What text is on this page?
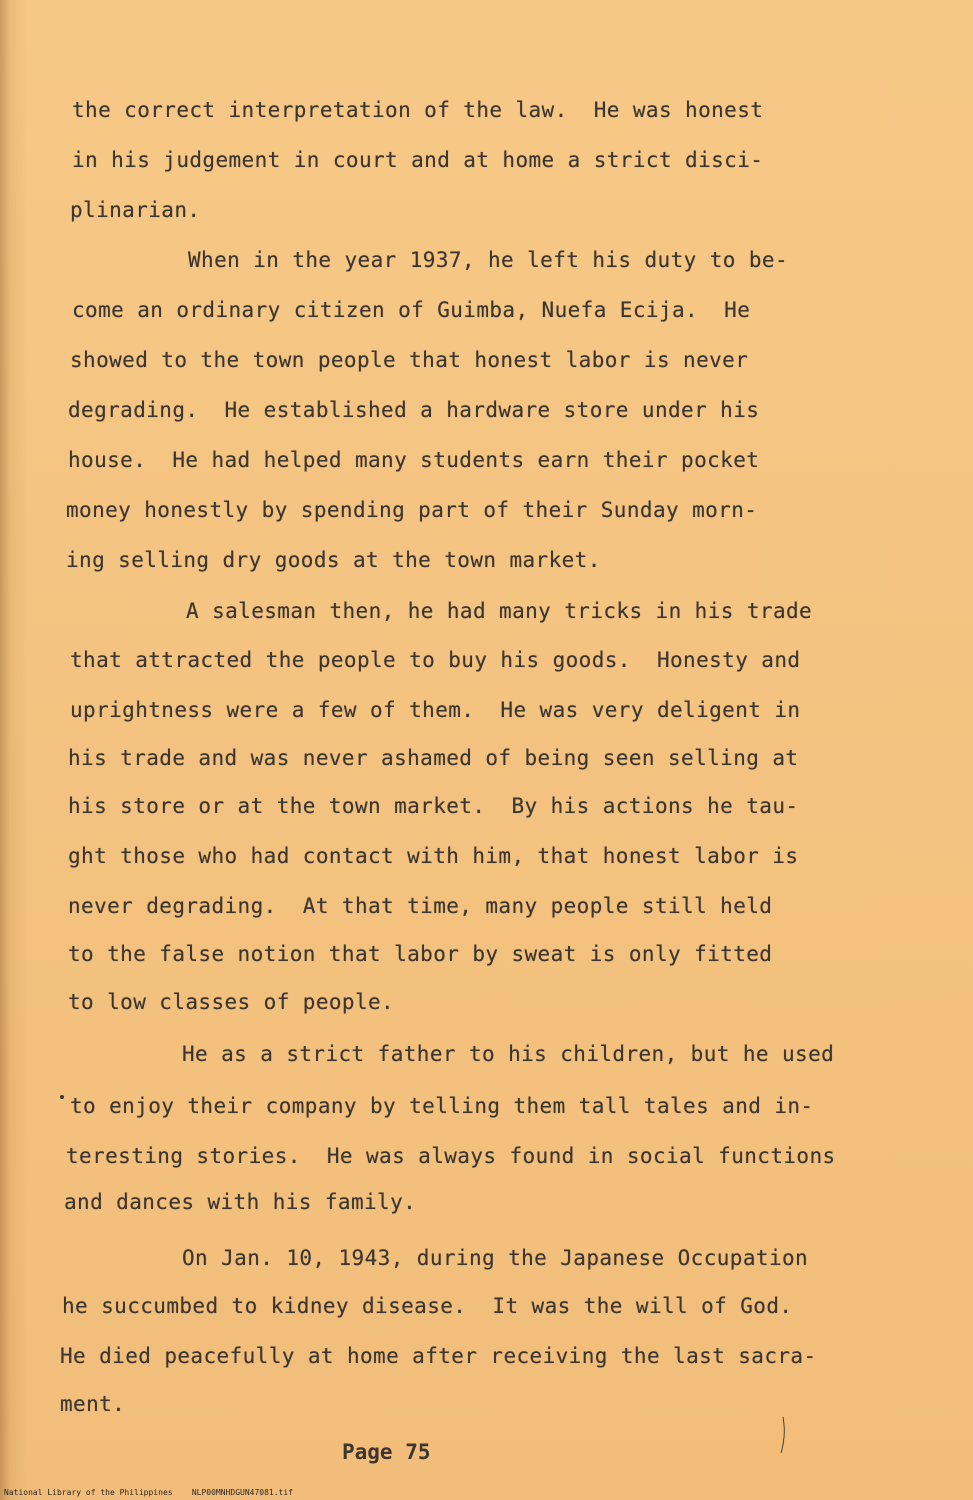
the correct interpretation of the law.  He was honest
in his judgement in court and at home a strict disci-
plinarian.
When in the year 1937, he left his duty to be-
come an ordinary citizen of Guimba, Nuefa Ecija.  He
showed to the town people that honest labor is never
degrading.  He established a hardware store under his
house.  He had helped many students earn their pocket
money honestly by spending part of their Sunday morn-
ing selling dry goods at the town market.
A salesman then, he had many tricks in his trade
that attracted the people to buy his goods.  Honesty and
uprightness were a few of them.  He was very deligent in
his trade and was never ashamed of being seen selling at
his store or at the town market.  By his actions he tau-
ght those who had contact with him, that honest labor is
never degrading.  At that time, many people still held
to the false notion that labor by sweat is only fitted
to low classes of people.
He as a strict father to his children, but he used
to enjoy their company by telling them tall tales and in-
teresting stories.  He was always found in social functions
and dances with his family.
On Jan. 10, 1943, during the Japanese Occupation
he succumbed to kidney disease.  It was the will of God.
He died peacefully at home after receiving the last sacra-
ment.
Page 75
National Library of the Philippines    NLP00MNHDGUN47081.tif
